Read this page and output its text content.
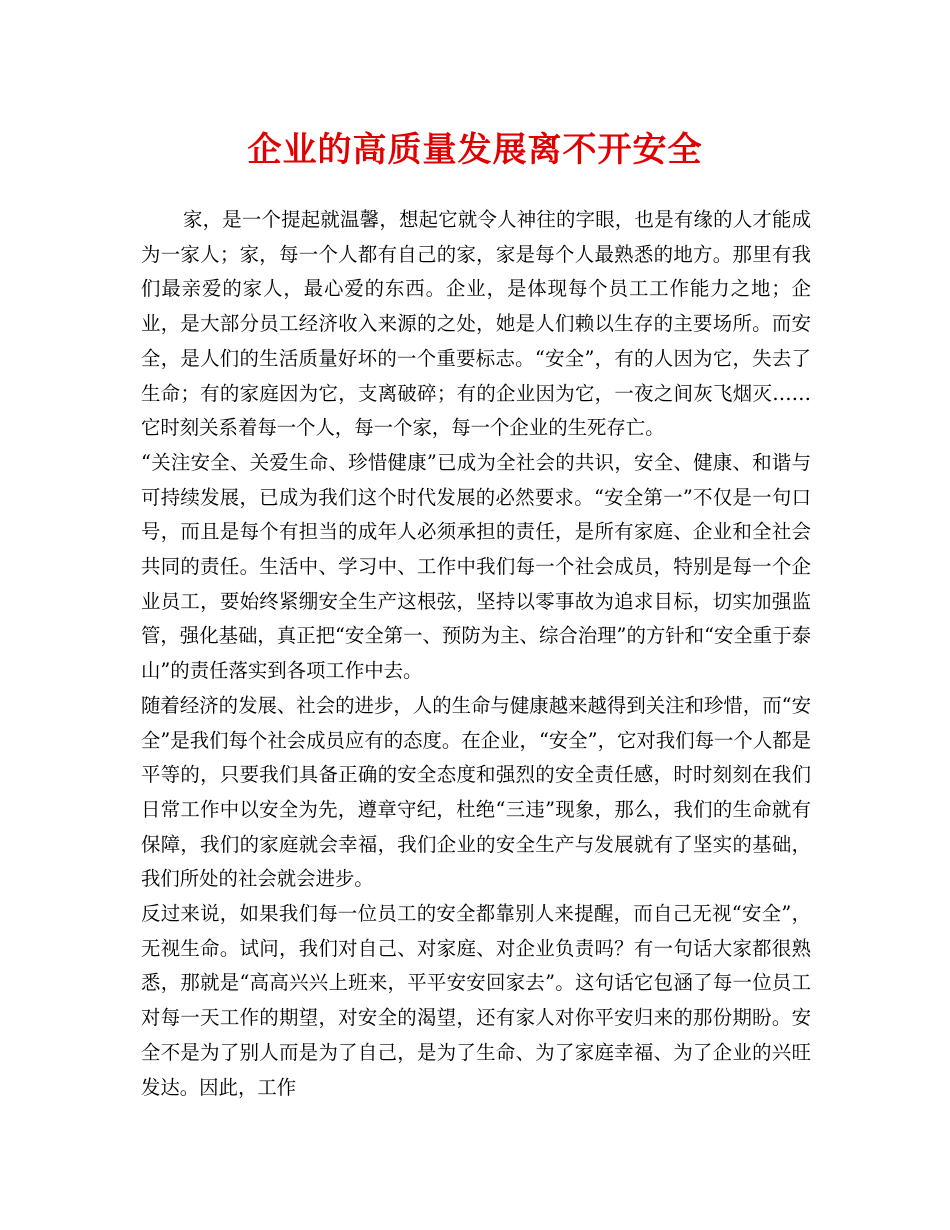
企业的高质量发展离不开安全

家，是一个提起就温馨，想起它就令人神往的字眼，也是有缘的人才能成为一家人；家，每一个人都有自己的家，家是每个人最熟悉的地方。那里有我们最亲爱的家人，最心爱的东西。企业，是体现每个员工工作能力之地；企业，是大部分员工经济收入来源的之处，她是人们赖以生存的主要场所。而安全，是人们的生活质量好坏的一个重要标志。“安全”，有的人因为它，失去了生命；有的家庭因为它，支离破碎；有的企业因为它，一夜之间灰飞烟灭……它时刻关系着每一个人，每一个家，每一个企业的生死存亡。

“关注安全、关爱生命、珍惜健康”已成为全社会的共识，安全、健康、和谐与可持续发展，已成为我们这个时代发展的必然要求。“安全第一”不仅是一句口号，而且是每个有担当的成年人必须承担的责任，是所有家庭、企业和全社会共同的责任。生活中、学习中、工作中我们每一个社会成员，特别是每一个企业员工，要始终紧绷安全生产这根弦，坚持以零事故为追求目标，切实加强监管，强化基础，真正把“安全第一、预防为主、综合治理”的方针和“安全重于泰山”的责任落实到各项工作中去。

随着经济的发展、社会的进步，人的生命与健康越来越得到关注和珍惜，而“安全”是我们每个社会成员应有的态度。在企业，“安全”，它对我们每一个人都是平等的，只要我们具备正确的安全态度和强烈的安全责任感，时时刻刻在我们日常工作中以安全为先，遵章守纪，杜绝“三违”现象，那么，我们的生命就有保障，我们的家庭就会幸福，我们企业的安全生产与发展就有了坚实的基础，我们所处的社会就会进步。

反过来说，如果我们每一位员工的安全都靠别人来提醒，而自己无视“安全”，无视生命。试问，我们对自己、对家庭、对企业负责吗？有一句话大家都很熟悉，那就是“高高兴兴上班来，平平安安回家去”。这句话它包涵了每一位员工对每一天工作的期望，对安全的渴望，还有家人对你平安归来的那份期盼。安全不是为了别人而是为了自己，是为了生命、为了家庭幸福、为了企业的兴旺发达。因此，工作
